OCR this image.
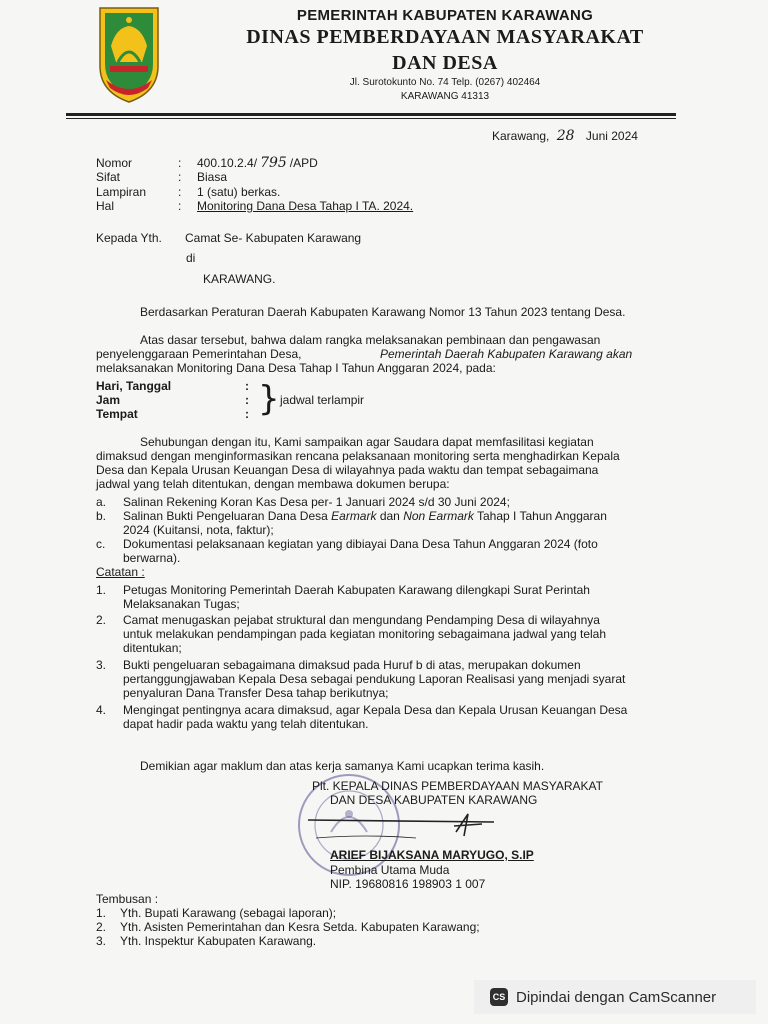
PEMERINTAH KABUPATEN KARAWANG
DINAS PEMBERDAYAAN MASYARAKAT
DAN DESA
Jl. Surotokunto No. 74 Telp. (0267) 402464
KARAWANG 41313
Karawang, 28 Juni 2024
Nomor	: 400.10.2.4/ 795 /APD
Sifat	: Biasa
Lampiran	: 1 (satu) berkas.
Hal	: Monitoring Dana Desa Tahap I TA. 2024.
Kepada Yth. Camat Se- Kabupaten Karawang
di
KARAWANG.
Berdasarkan Peraturan Daerah Kabupaten Karawang Nomor 13 Tahun 2023 tentang Desa.
Atas dasar tersebut, bahwa dalam rangka melaksanakan pembinaan dan pengawasan
penyelenggaraan Pemerintahan Desa,	Pemerintah Daerah Kabupaten Karawang akan
melaksanakan Monitoring Dana Desa Tahap I Tahun Anggaran 2024, pada:
Hari, Tanggal	:
Jam	:
Tempat	: } jadwal terlampir
Sehubungan dengan itu, Kami sampaikan agar Saudara dapat memfasilitasi kegiatan
dimaksud dengan menginformasikan rencana pelaksanaan monitoring serta menghadirkan Kepala
Desa dan Kepala Urusan Keuangan Desa di wilayahnya pada waktu dan tempat sebagaimana
jadwal yang telah ditentukan, dengan membawa dokumen berupa:
a. Salinan Rekening Koran Kas Desa per- 1 Januari 2024 s/d 30 Juni 2024;
b. Salinan Bukti Pengeluaran Dana Desa Earmark dan Non Earmark Tahap I Tahun Anggaran
2024 (Kuitansi, nota, faktur);
c. Dokumentasi pelaksanaan kegiatan yang dibiayai Dana Desa Tahun Anggaran 2024 (foto
berwarna).
Catatan :
1. Petugas Monitoring Pemerintah Daerah Kabupaten Karawang dilengkapi Surat Perintah
Melaksanakan Tugas;
2. Camat menugaskan pejabat struktural dan mengundang Pendamping Desa di wilayahnya
untuk melakukan pendampingan pada kegiatan monitoring sebagaimana jadwal yang telah
ditentukan;
3. Bukti pengeluaran sebagaimana dimaksud pada Huruf b di atas, merupakan dokumen
pertanggungjawaban Kepala Desa sebagai pendukung Laporan Realisasi yang menjadi syarat
penyaluran Dana Transfer Desa tahap berikutnya;
4. Mengingat pentingnya acara dimaksud, agar Kepala Desa dan Kepala Urusan Keuangan Desa
dapat hadir pada waktu yang telah ditentukan.
Demikian agar maklum dan atas kerja samanya Kami ucapkan terima kasih.
Plt. KEPALA DINAS PEMBERDAYAAN MASYARAKAT
DAN DESA KABUPATEN KARAWANG
ARIEF BIJAKSANA MARYUGO, S.IP
Pembina Utama Muda
NIP. 19680816 198903 1 007
Tembusan :
1. Yth. Bupati Karawang (sebagai laporan);
2. Yth. Asisten Pemerintahan dan Kesra Setda. Kabupaten Karawang;
3. Yth. Inspektur Kabupaten Karawang.
CS Dipindai dengan CamScanner
